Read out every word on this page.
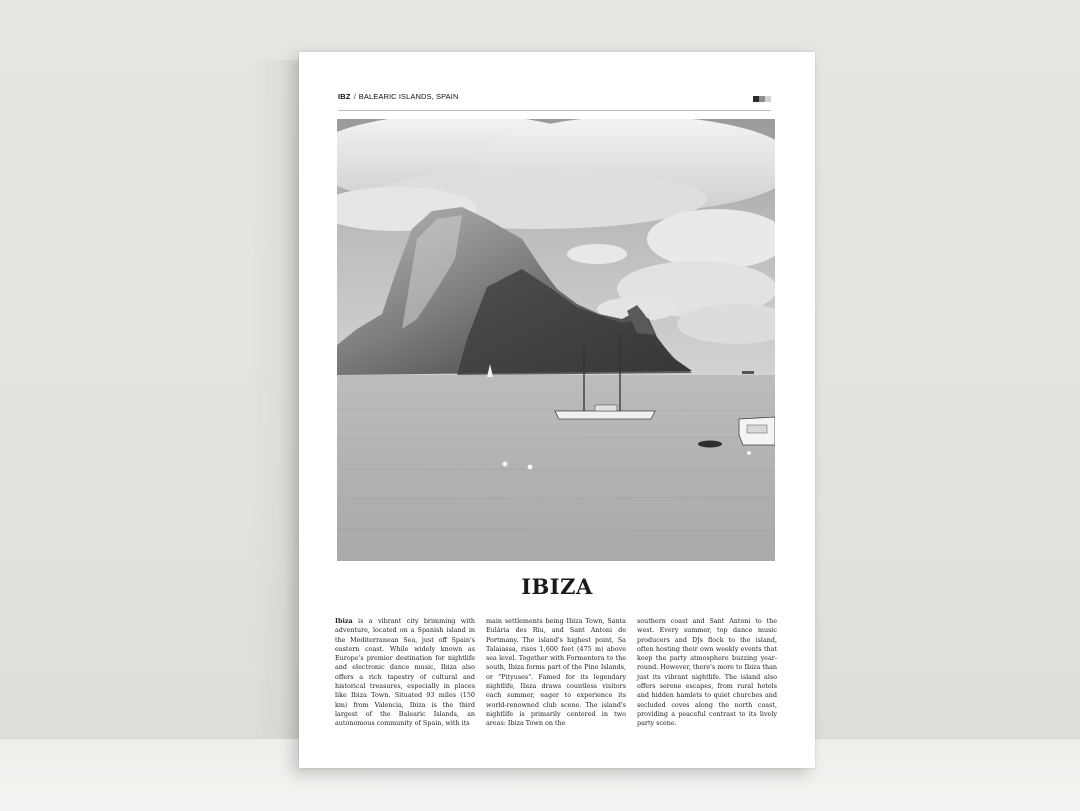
IBZ / BALEARIC ISLANDS, SPAIN
IBIZA
Ibiza is a vibrant city brimming with adventure, located on a Spanish island in the Mediterranean Sea, just off Spain's eastern coast. While widely known as Europe's premier destination for nightlife and electronic dance music, Ibiza also offers a rich tapestry of cultural and historical treasures, especially in places like Ibiza Town. Situated 93 miles (150 km) from Valencia, Ibiza is the third largest of the Balearic Islands, an autonomous community of Spain, with its
main settlements being Ibiza Town, Santa Eulària des Riu, and Sant Antoni de Portmany. The island's highest point, Sa Talaiassa, rises 1,600 feet (475 m) above sea level. Together with Formentera to the south, Ibiza forms part of the Pine Islands, or "Pityuses". Famed for its legendary nightlife, Ibiza draws countless visitors each summer, eager to experience its world-renowned club scene. The island's nightlife is primarily centered in two areas: Ibiza Town on the
southern coast and Sant Antoni to the west. Every summer, top dance music producers and DJs flock to the island, often hosting their own weekly events that keep the party atmosphere buzzing year-round. However, there's more to Ibiza than just its vibrant nightlife. The island also offers serene escapes, from rural hotels and hidden hamlets to quiet churches and secluded coves along the north coast, providing a peaceful contrast to its lively party scene.
